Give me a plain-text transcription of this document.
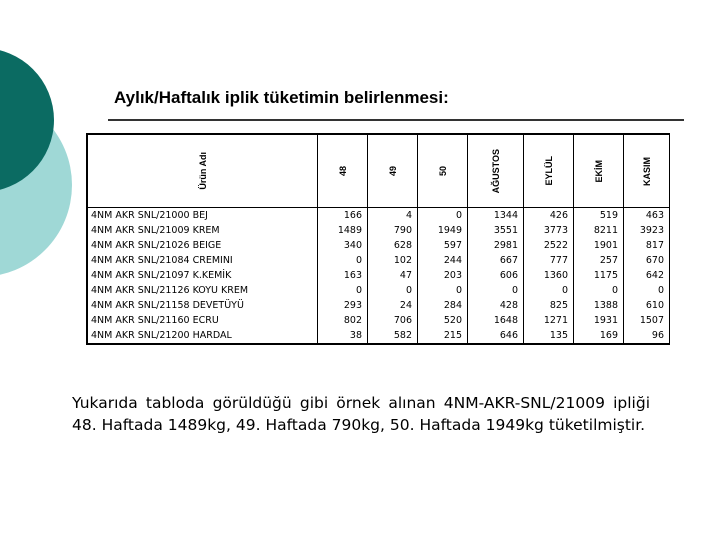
Aylık/Haftalık iplik tüketimin belirlenmesi:
Ürün Adı	48	49	50	AĞUSTOS	EYLÜL	EKİM	KASIM

4NM AKR SNL/21000 BEJ	166	4	0	1344	426	519	463
4NM AKR SNL/21009 KREM	1489	790	1949	3551	3773	8211	3923
4NM AKR SNL/21026 BEIGE	340	628	597	2981	2522	1901	817
4NM AKR SNL/21084 CREMINI	0	102	244	667	777	257	670
4NM AKR SNL/21097 K.KEMİK	163	47	203	606	1360	1175	642
4NM AKR SNL/21126 KOYU KREM	0	0	0	0	0	0	0
4NM AKR SNL/21158 DEVETÜYÜ	293	24	284	428	825	1388	610
4NM AKR SNL/21160 ECRU	802	706	520	1648	1271	1931	1507
4NM AKR SNL/21200 HARDAL	38	582	215	646	135	169	96
Yukarıda tabloda görüldüğü gibi örnek alınan 4NM-AKR-SNL/21009 ipliği 48. Haftada 1489kg, 49. Haftada 790kg, 50. Haftada 1949kg tüketilmiştir.
